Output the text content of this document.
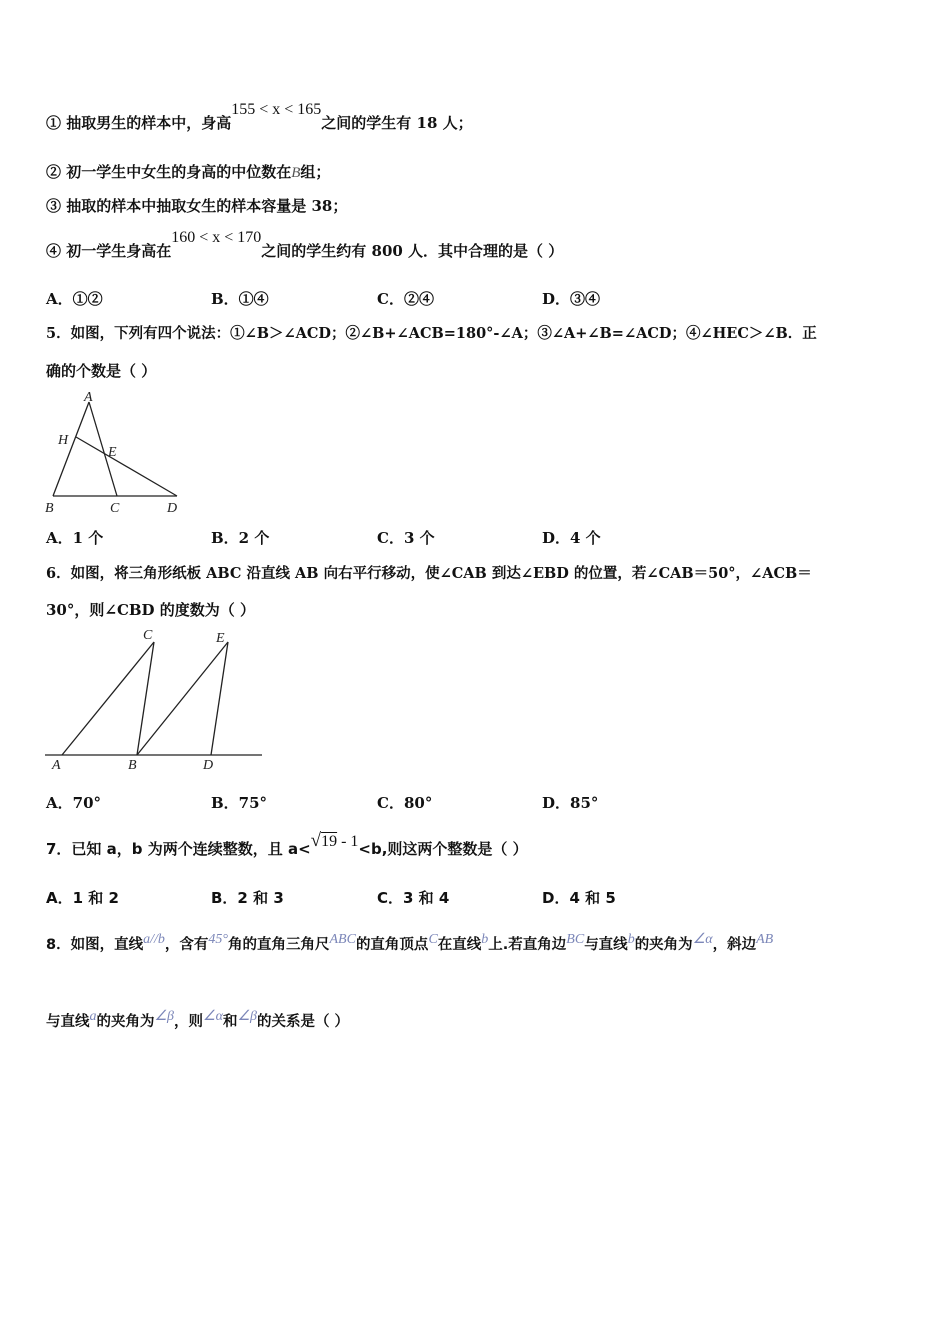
① 抽取男生的样本中，身高155 < x < 165之间的学生有 18 人；
② 初一学生中女生的身高的中位数在B组；
③ 抽取的样本中抽取女生的样本容量是 38；
④ 初一学生身高在160 < x < 170之间的学生约有 800 人．其中合理的是（ ）
A．①②	B．①④	C．②④	D．③④
5．如图，下列有四个说法：①∠B＞∠ACD；②∠B+∠ACB=180°-∠A；③∠A+∠B=∠ACD；④∠HEC＞∠B．正
确的个数是（ ）
A
H
E
B	C	D
A．1 个	B．2 个	C．3 个	D．4 个
6．如图，将三角形纸板 ABC 沿直线 AB 向右平行移动，使∠CAB 到达∠EBD 的位置，若∠CAB＝50°，∠ACB＝
30°，则∠CBD 的度数为（ ）
C	E
A	B	D
A．70°	B．75°	C．80°	D．85°
7．已知 a，b 为两个连续整数，且 a<√19 - 1<b,则这两个整数是（ ）
A．1 和 2	B．2 和 3	C．3 和 4	D．4 和 5
8．如图，直线a//b，含有45°角的直角三角尺ABC的直角顶点C在直线b上.若直角边BC与直线b的夹角为∠α，斜边AB
与直线a的夹角为∠β，则∠α和∠β的关系是（ ）
